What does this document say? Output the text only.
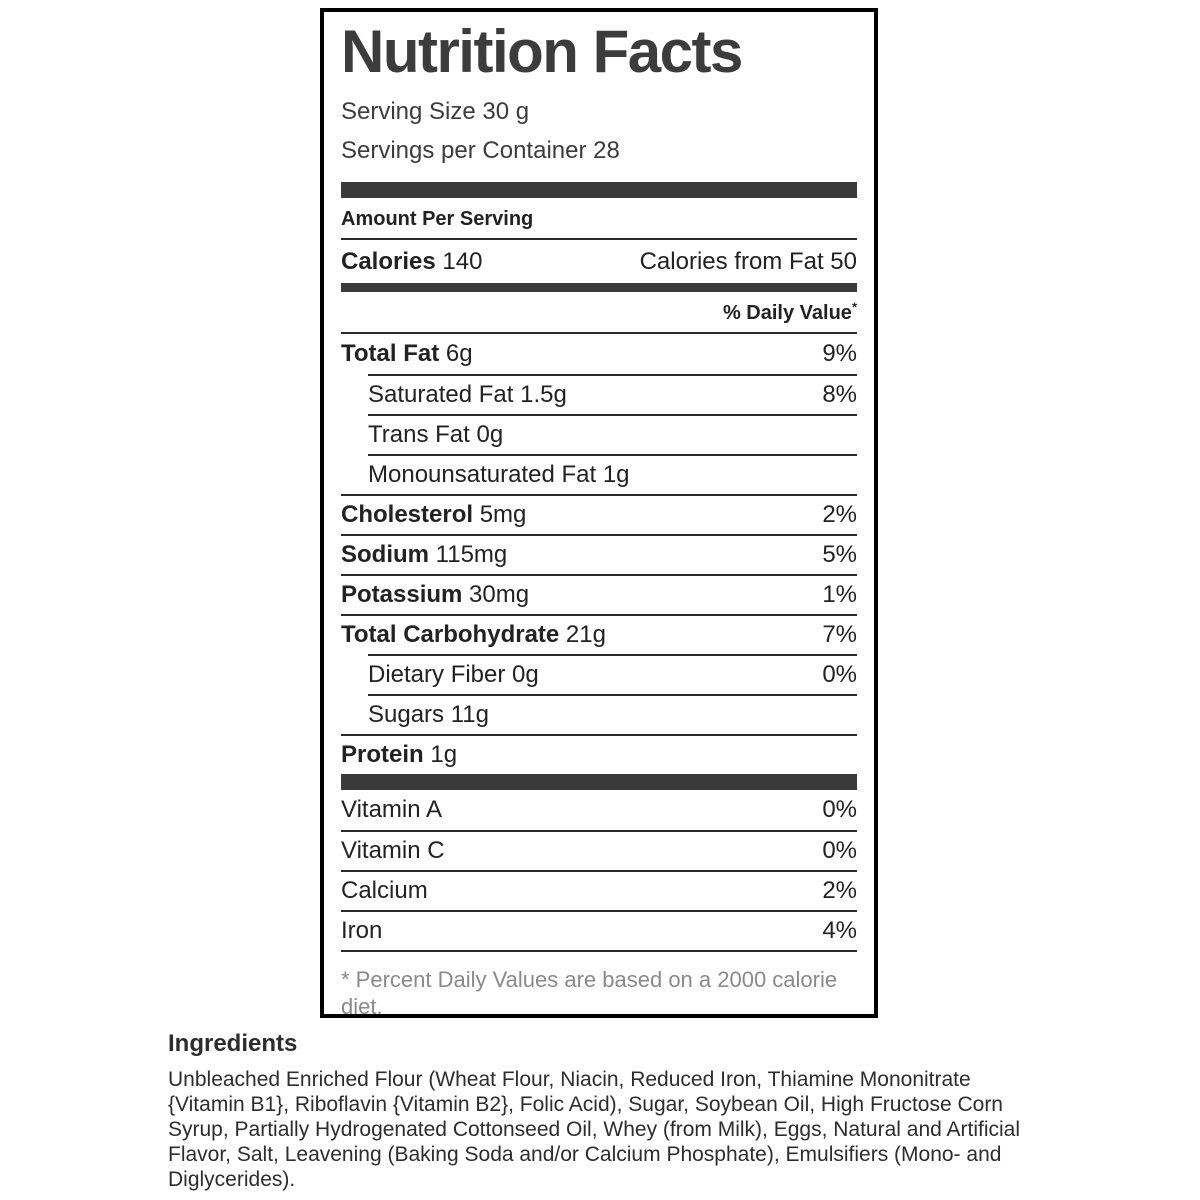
Nutrition Facts
Serving Size 30 g
Servings per Container 28
Amount Per Serving
Calories 140	Calories from Fat 50
% Daily Value*
Total Fat 6g	9%
Saturated Fat 1.5g	8%
Trans Fat 0g
Monounsaturated Fat 1g
Cholesterol 5mg	2%
Sodium 115mg	5%
Potassium 30mg	1%
Total Carbohydrate 21g	7%
Dietary Fiber 0g	0%
Sugars 11g
Protein 1g
Vitamin A	0%
Vitamin C	0%
Calcium	2%
Iron	4%

* Percent Daily Values are based on a 2000 calorie diet.

Ingredients

Unbleached Enriched Flour (Wheat Flour, Niacin, Reduced Iron, Thiamine Mononitrate {Vitamin B1}, Riboflavin {Vitamin B2}, Folic Acid), Sugar, Soybean Oil, High Fructose Corn Syrup, Partially Hydrogenated Cottonseed Oil, Whey (from Milk), Eggs, Natural and Artificial Flavor, Salt, Leavening (Baking Soda and/or Calcium Phosphate), Emulsifiers (Mono- and Diglycerides).
